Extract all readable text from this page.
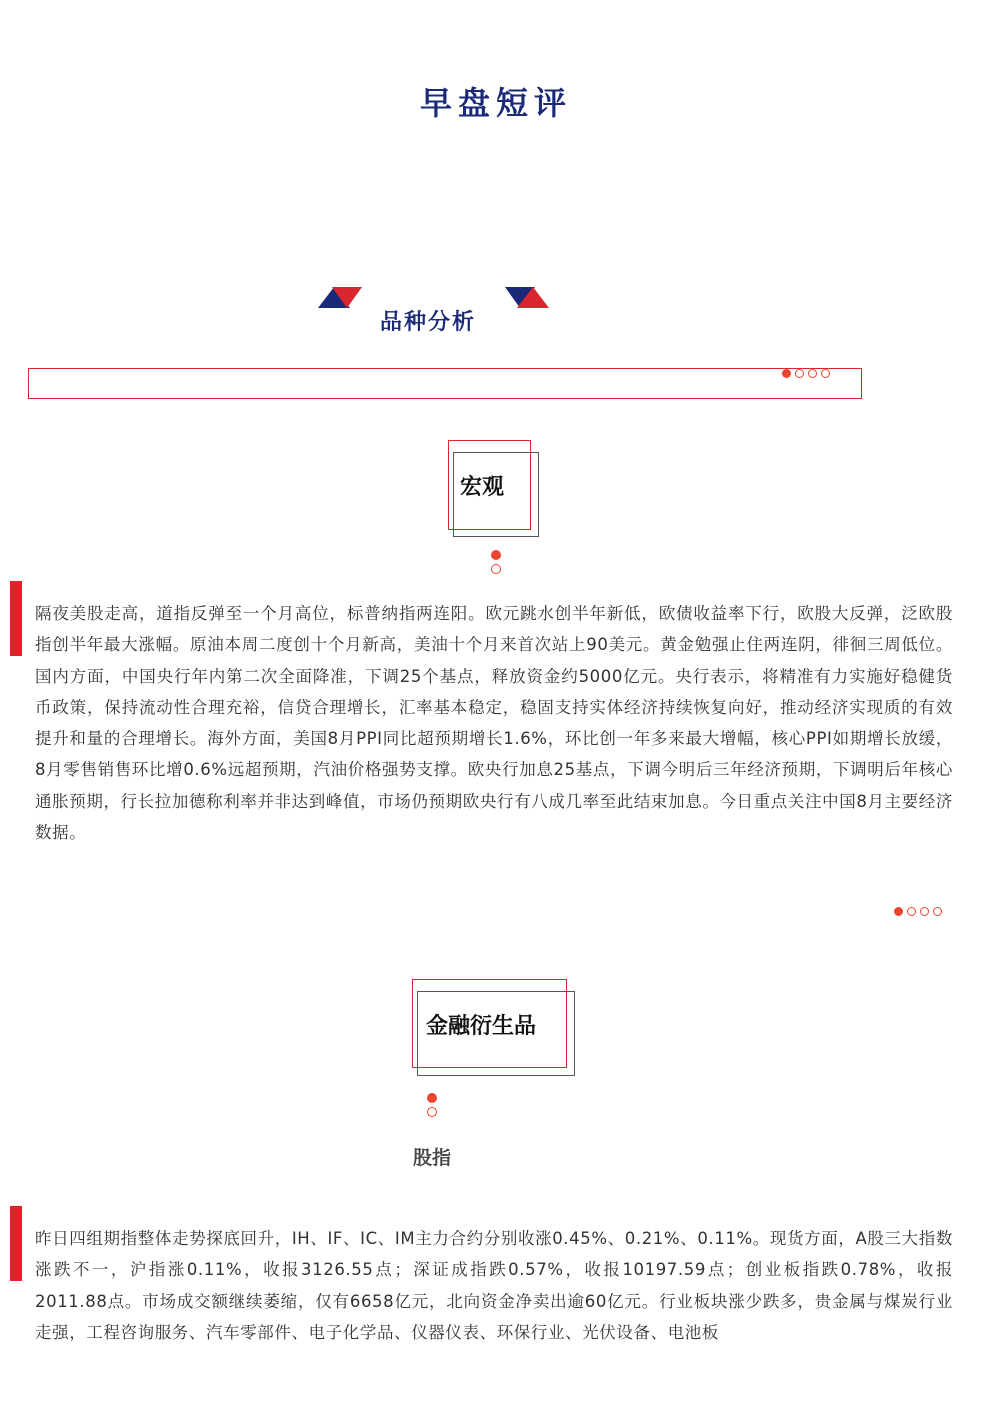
早盘短评
品种分析
宏观
隔夜美股走高，道指反弹至一个月高位，标普纳指两连阳。欧元跳水创半年新低，欧债收益率下行，欧股大反弹，泛欧股指创半年最大涨幅。原油本周二度创十个月新高，美油十个月来首次站上90美元。黄金勉强止住两连阴，徘徊三周低位。国内方面，中国央行年内第二次全面降准，下调25个基点，释放资金约5000亿元。央行表示，将精准有力实施好稳健货币政策，保持流动性合理充裕，信贷合理增长，汇率基本稳定，稳固支持实体经济持续恢复向好，推动经济实现质的有效提升和量的合理增长。海外方面，美国8月PPI同比超预期增长1.6%，环比创一年多来最大增幅，核心PPI如期增长放缓，8月零售销售环比增0.6%远超预期，汽油价格强势支撑。欧央行加息25基点，下调今明后三年经济预期，下调明后年核心通胀预期，行长拉加德称利率并非达到峰值，市场仍预期欧央行有八成几率至此结束加息。今日重点关注中国8月主要经济数据。
金融衍生品
股指
昨日四组期指整体走势探底回升，IH、IF、IC、IM主力合约分别收涨0.45%、0.21%、0.11%。现货方面，A股三大指数涨跌不一，沪指涨0.11%，收报3126.55点；深证成指跌0.57%，收报10197.59点；创业板指跌0.78%，收报2011.88点。市场成交额继续萎缩，仅有6658亿元，北向资金净卖出逾60亿元。行业板块涨少跌多，贵金属与煤炭行业走强，工程咨询服务、汽车零部件、电子化学品、仪器仪表、环保行业、光伏设备、电池板
